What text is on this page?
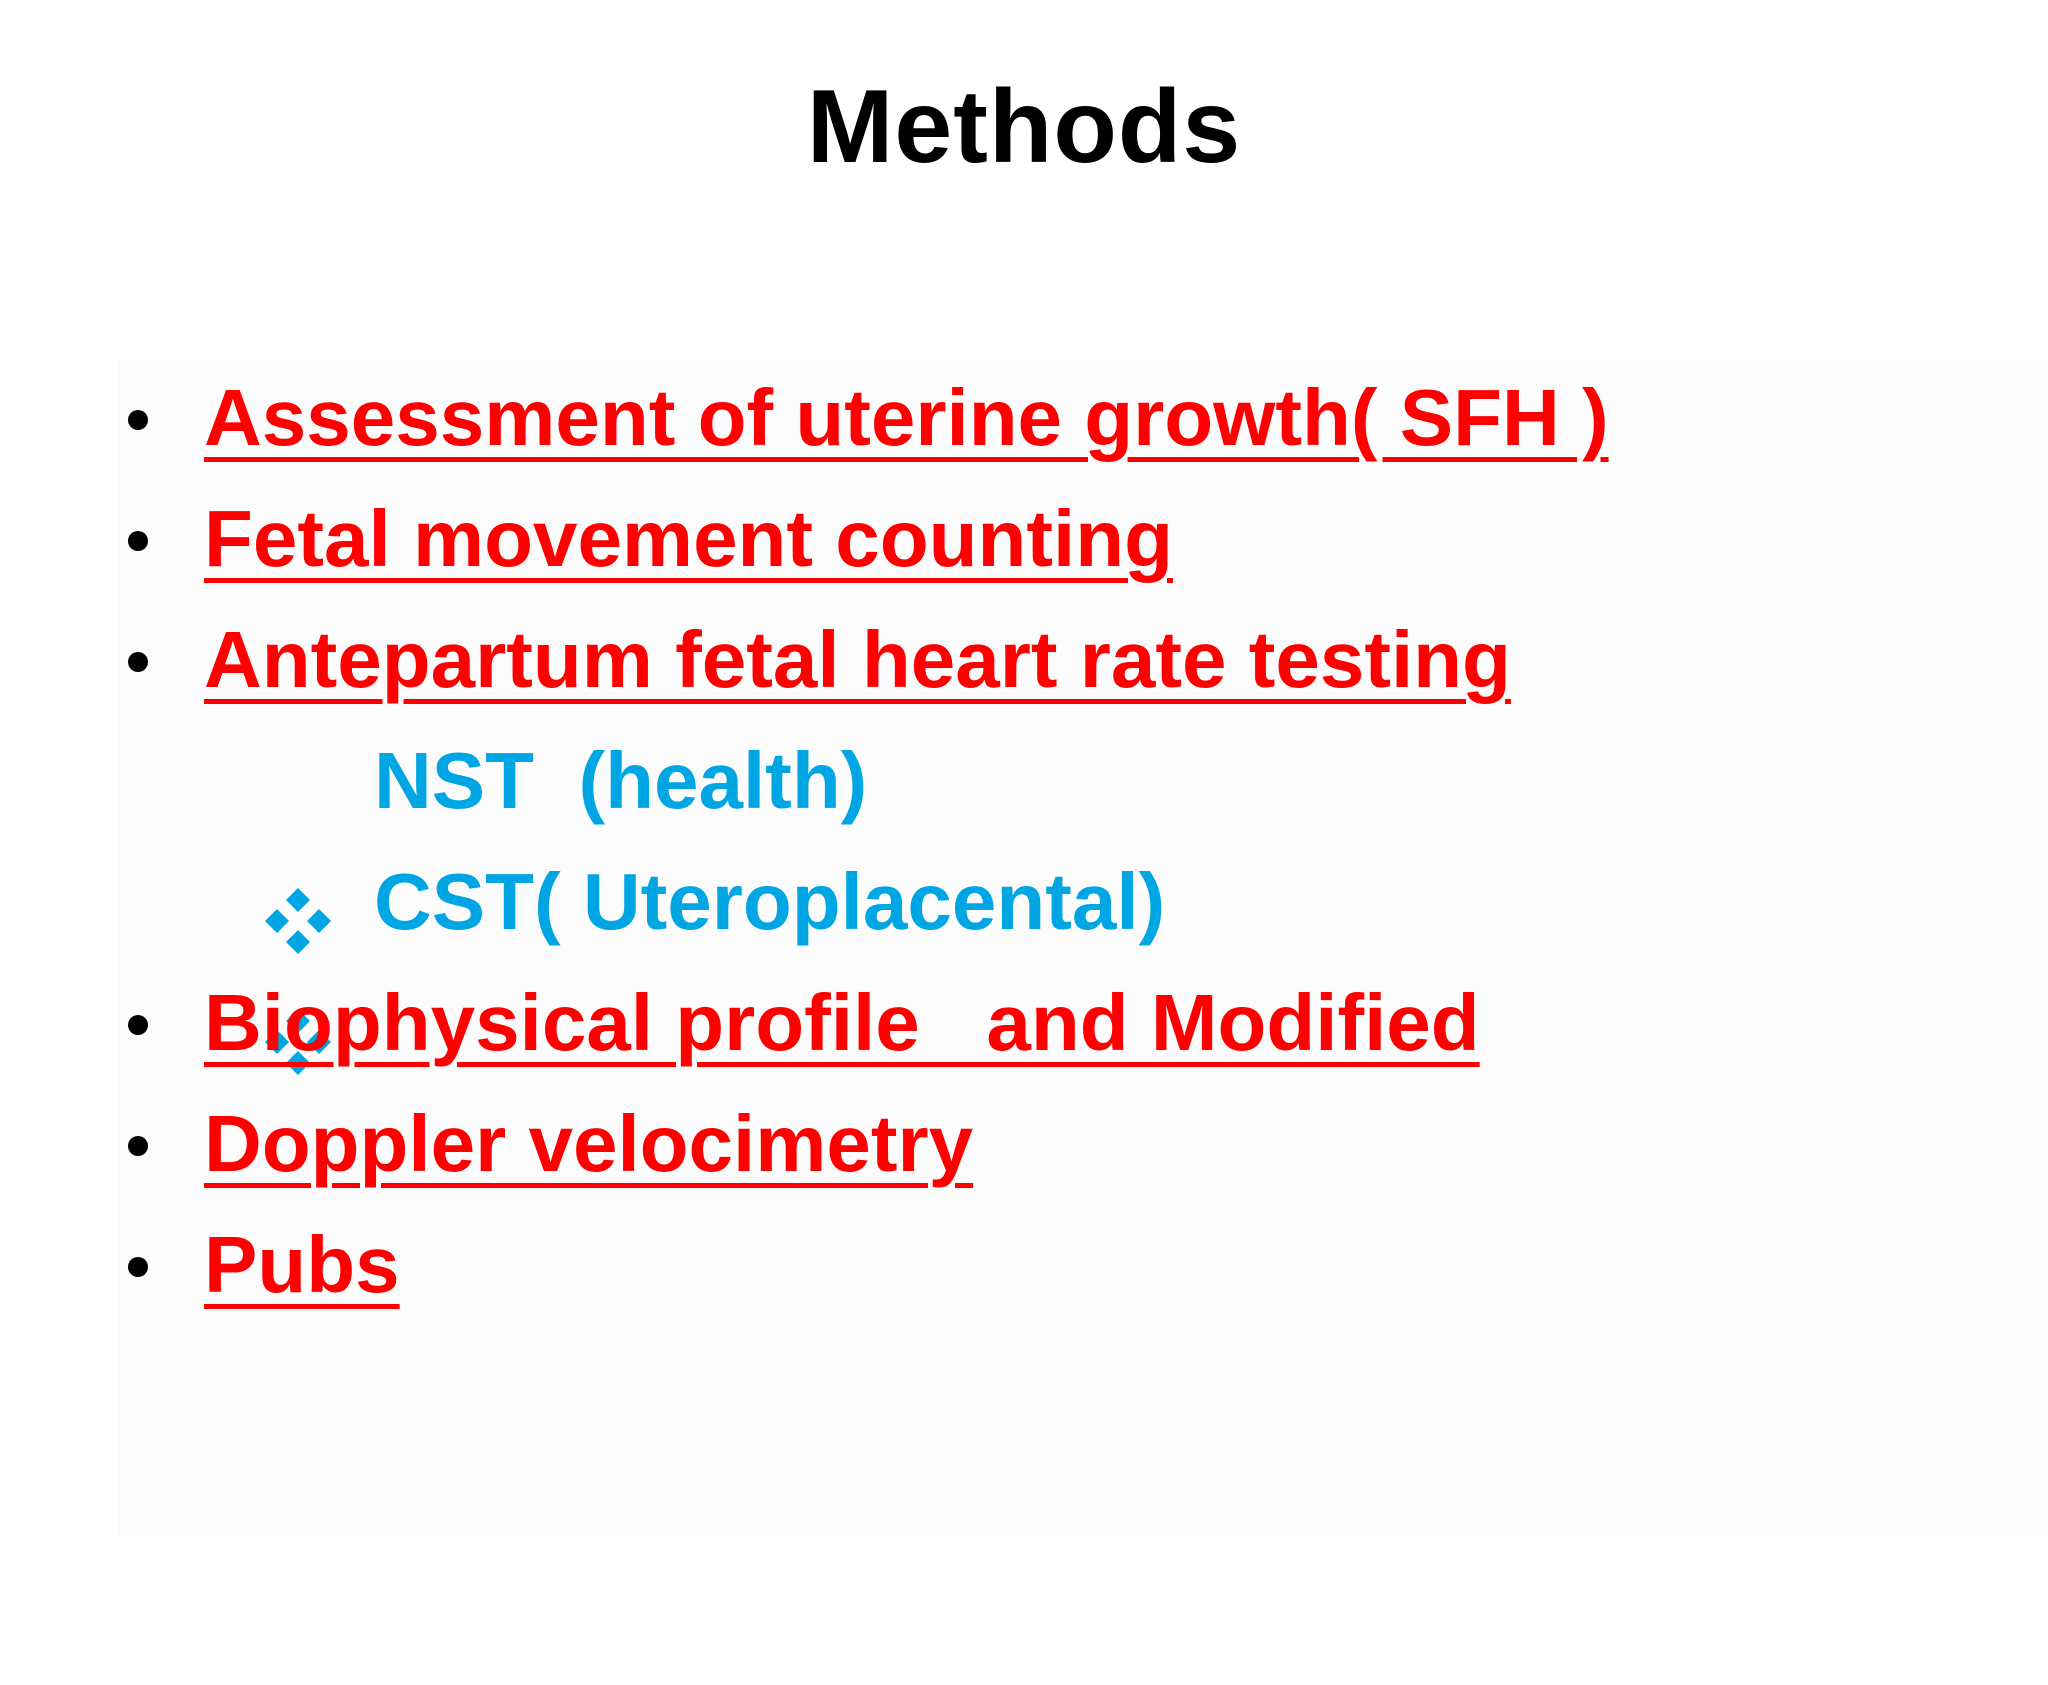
Methods

Assessment of uterine growth( SFH )

Fetal movement counting

Antepartum fetal heart rate testing

NST  (health)

CST( Uteroplacental)

Biophysical profile   and Modified

Doppler velocimetry

Pubs
